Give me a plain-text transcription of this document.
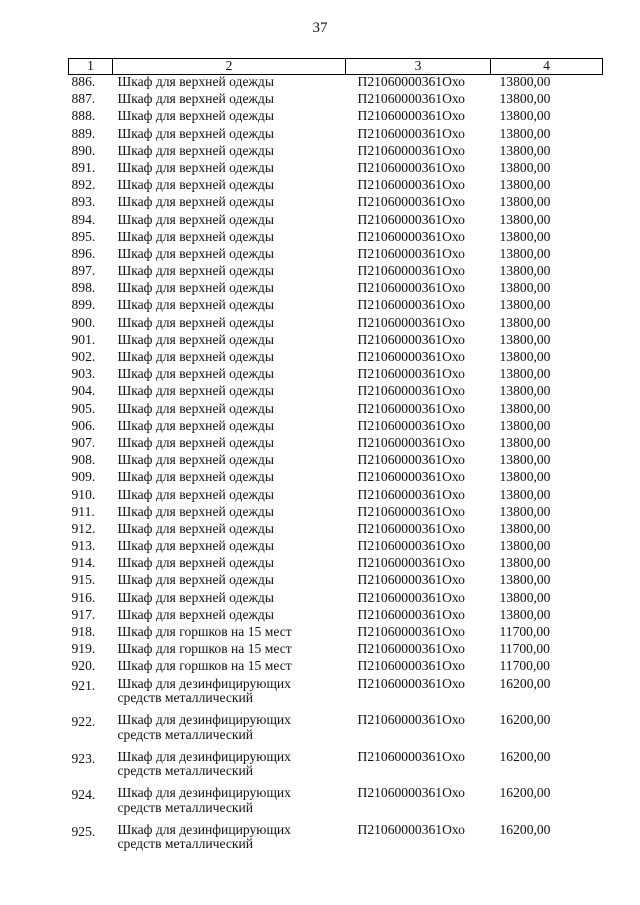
37
1	2	3	4
886.	Шкаф для верхней одежды	П21060000361Охо	13800,00
887.	Шкаф для верхней одежды	П21060000361Охо	13800,00
888.	Шкаф для верхней одежды	П21060000361Охо	13800,00
889.	Шкаф для верхней одежды	П21060000361Охо	13800,00
890.	Шкаф для верхней одежды	П21060000361Охо	13800,00
891.	Шкаф для верхней одежды	П21060000361Охо	13800,00
892.	Шкаф для верхней одежды	П21060000361Охо	13800,00
893.	Шкаф для верхней одежды	П21060000361Охо	13800,00
894.	Шкаф для верхней одежды	П21060000361Охо	13800,00
895.	Шкаф для верхней одежды	П21060000361Охо	13800,00
896.	Шкаф для верхней одежды	П21060000361Охо	13800,00
897.	Шкаф для верхней одежды	П21060000361Охо	13800,00
898.	Шкаф для верхней одежды	П21060000361Охо	13800,00
899.	Шкаф для верхней одежды	П21060000361Охо	13800,00
900.	Шкаф для верхней одежды	П21060000361Охо	13800,00
901.	Шкаф для верхней одежды	П21060000361Охо	13800,00
902.	Шкаф для верхней одежды	П21060000361Охо	13800,00
903.	Шкаф для верхней одежды	П21060000361Охо	13800,00
904.	Шкаф для верхней одежды	П21060000361Охо	13800,00
905.	Шкаф для верхней одежды	П21060000361Охо	13800,00
906.	Шкаф для верхней одежды	П21060000361Охо	13800,00
907.	Шкаф для верхней одежды	П21060000361Охо	13800,00
908.	Шкаф для верхней одежды	П21060000361Охо	13800,00
909.	Шкаф для верхней одежды	П21060000361Охо	13800,00
910.	Шкаф для верхней одежды	П21060000361Охо	13800,00
911.	Шкаф для верхней одежды	П21060000361Охо	13800,00
912.	Шкаф для верхней одежды	П21060000361Охо	13800,00
913.	Шкаф для верхней одежды	П21060000361Охо	13800,00
914.	Шкаф для верхней одежды	П21060000361Охо	13800,00
915.	Шкаф для верхней одежды	П21060000361Охо	13800,00
916.	Шкаф для верхней одежды	П21060000361Охо	13800,00
917.	Шкаф для верхней одежды	П21060000361Охо	13800,00
918.	Шкаф для горшков на 15 мест	П21060000361Охо	11700,00
919.	Шкаф для горшков на 15 мест	П21060000361Охо	11700,00
920.	Шкаф для горшков на 15 мест	П21060000361Охо	11700,00
921.	Шкаф для дезинфицирующих средств металлический	П21060000361Охо	16200,00
922.	Шкаф для дезинфицирующих средств металлический	П21060000361Охо	16200,00
923.	Шкаф для дезинфицирующих средств металлический	П21060000361Охо	16200,00
924.	Шкаф для дезинфицирующих средств металлический	П21060000361Охо	16200,00
925.	Шкаф для дезинфицирующих средств металлический	П21060000361Охо	16200,00
